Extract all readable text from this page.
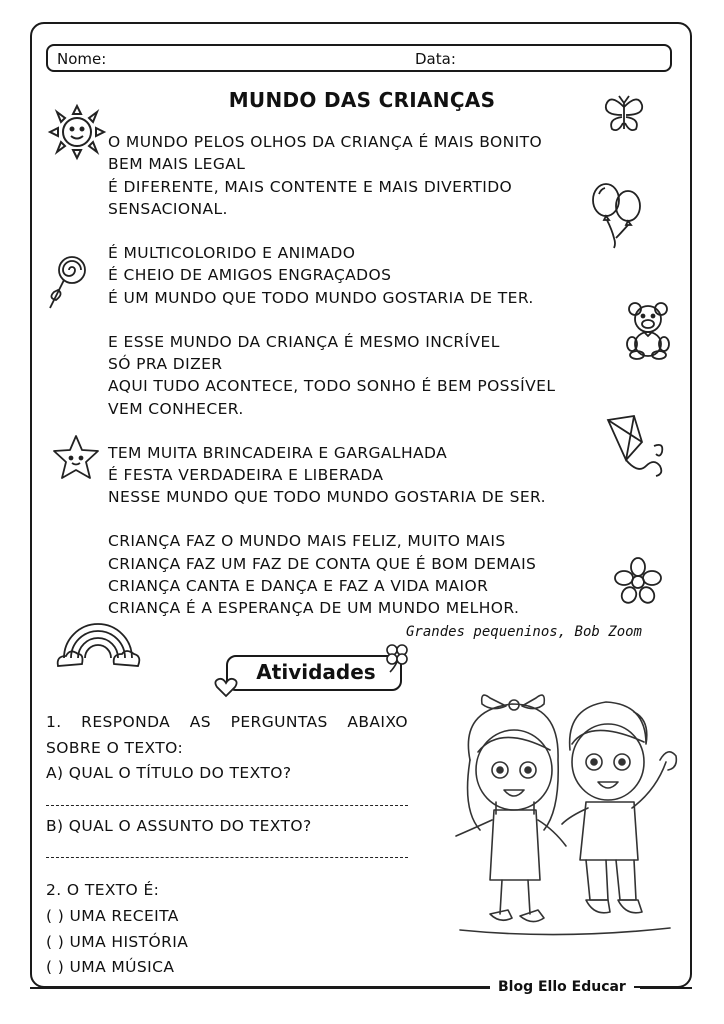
Nome:	Data:
MUNDO DAS CRIANÇAS
O MUNDO PELOS OLHOS DA CRIANÇA É MAIS BONITO
BEM MAIS LEGAL
É DIFERENTE, MAIS CONTENTE E MAIS DIVERTIDO
SENSACIONAL.
É MULTICOLORIDO E ANIMADO
É CHEIO DE AMIGOS ENGRAÇADOS
É UM MUNDO QUE TODO MUNDO GOSTARIA DE TER.
E ESSE MUNDO DA CRIANÇA É MESMO INCRÍVEL
SÓ PRA DIZER
AQUI TUDO ACONTECE, TODO SONHO É BEM POSSÍVEL
VEM CONHECER.
TEM MUITA BRINCADEIRA E GARGALHADA
É FESTA VERDADEIRA E LIBERADA
NESSE MUNDO QUE TODO MUNDO GOSTARIA DE SER.
CRIANÇA FAZ O MUNDO MAIS FELIZ, MUITO MAIS
CRIANÇA FAZ UM FAZ DE CONTA QUE É BOM DEMAIS
CRIANÇA CANTA E DANÇA E FAZ A VIDA MAIOR
CRIANÇA É A ESPERANÇA DE UM MUNDO MELHOR.
Grandes pequeninos, Bob Zoom
Atividades
1. RESPONDA AS PERGUNTAS ABAIXO
SOBRE O TEXTO:
A) QUAL O TÍTULO DO TEXTO?
B) QUAL O ASSUNTO DO TEXTO?
2. O TEXTO É:
( ) UMA RECEITA
( ) UMA HISTÓRIA
( ) UMA MÚSICA
Blog Ello Educar
